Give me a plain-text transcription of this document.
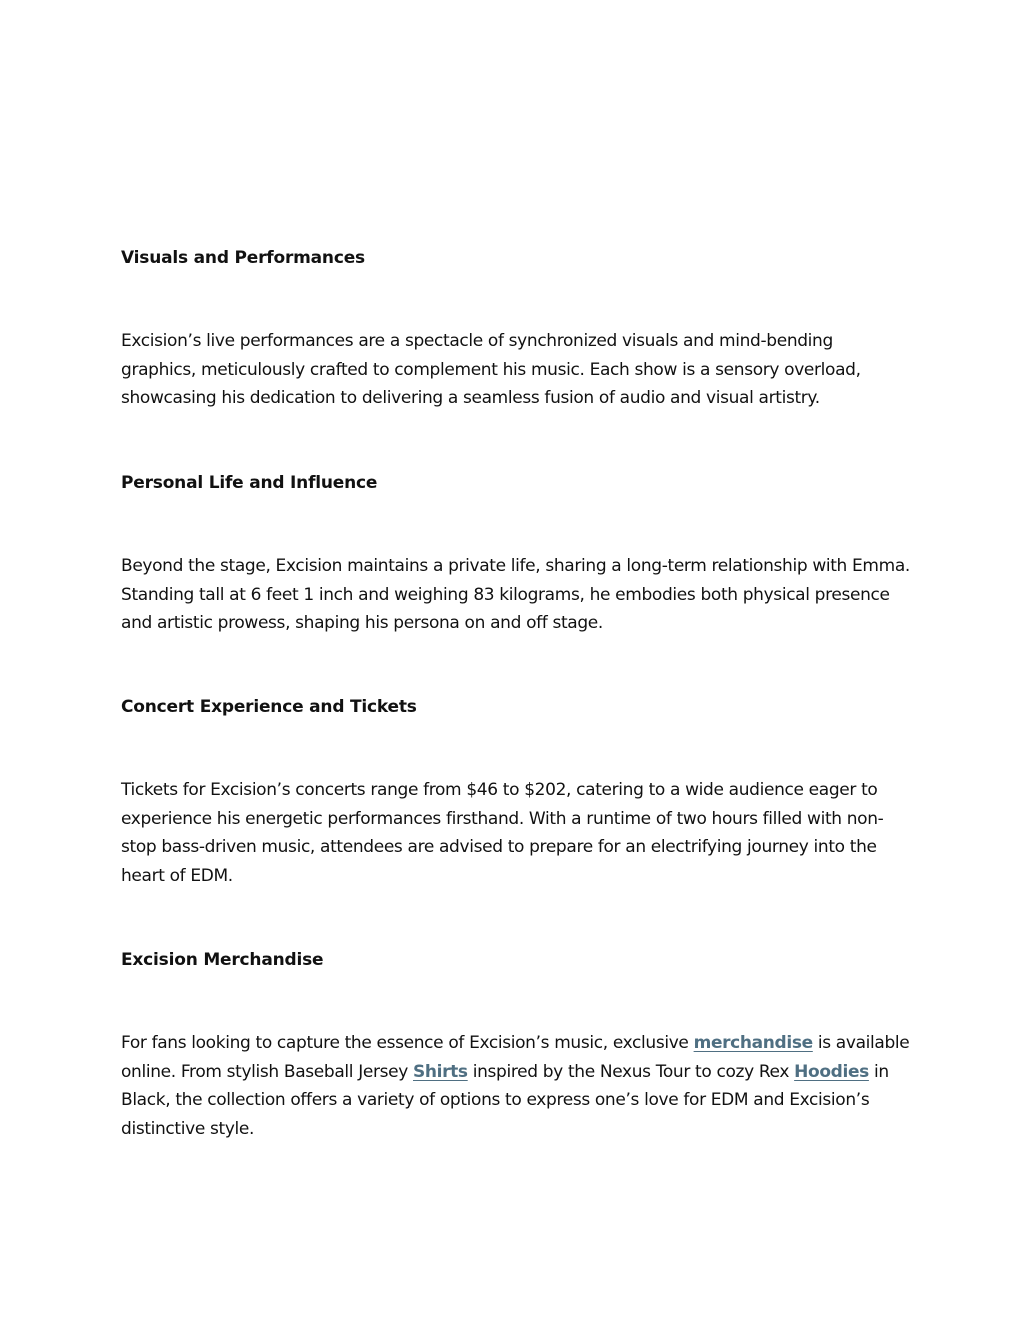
Visuals and Performances

Excision’s live performances are a spectacle of synchronized visuals and mind-bending graphics, meticulously crafted to complement his music. Each show is a sensory overload, showcasing his dedication to delivering a seamless fusion of audio and visual artistry.

Personal Life and Influence

Beyond the stage, Excision maintains a private life, sharing a long-term relationship with Emma. Standing tall at 6 feet 1 inch and weighing 83 kilograms, he embodies both physical presence and artistic prowess, shaping his persona on and off stage.

Concert Experience and Tickets

Tickets for Excision’s concerts range from $46 to $202, catering to a wide audience eager to experience his energetic performances firsthand. With a runtime of two hours filled with non-stop bass-driven music, attendees are advised to prepare for an electrifying journey into the heart of EDM.

Excision Merchandise

For fans looking to capture the essence of Excision’s music, exclusive merchandise is available online. From stylish Baseball Jersey Shirts inspired by the Nexus Tour to cozy Rex Hoodies in Black, the collection offers a variety of options to express one’s love for EDM and Excision’s distinctive style.
